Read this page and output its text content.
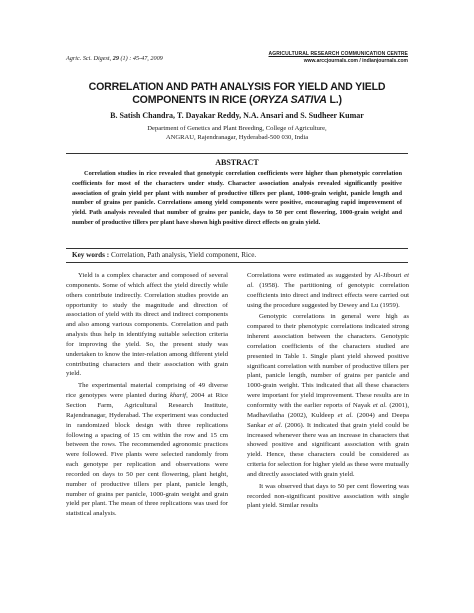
Agric. Sci. Digest, 29 (1) : 45-47, 2009
AGRICULTURAL RESEARCH COMMUNICATION CENTRE
www.arccjournals.com / indianjournals.com
CORRELATION AND PATH ANALYSIS FOR YIELD AND YIELD
COMPONENTS IN RICE (ORYZA SATIVA L.)
B. Satish Chandra, T. Dayakar Reddy, N.A. Ansari and S. Sudheer Kumar
Department of Genetics and Plant Breeding, College of Agriculture,
ANGRAU, Rajendranagar, Hyderabad-500 030, India
ABSTRACT
Correlation studies in rice revealed that genotypic correlation coefficients were higher than phenotypic correlation coefficients for most of the characters under study. Character association analysis revealed significantly positive association of grain yield per plant with number of productive tillers per plant, 1000-grain weight, panicle length and number of grains per panicle. Correlations among yield components were positive, encouraging rapid improvement of yield. Path analysis revealed that number of grains per panicle, days to 50 per cent flowering, 1000-grain weight and number of productive tillers per plant have shown high positive direct effects on grain yield.
Key words : Correlation, Path analysis, Yield component, Rice.

Yield is a complex character and composed of several components. Some of which affect the yield directly while others contribute indirectly. Correlation studies provide an opportunity to study the magnitude and direction of association of yield with its direct and indirect components and also among various components. Correlation and path analysis thus help in identifying suitable selection criteria for improving the yield. So, the present study was undertaken to know the inter-relation among different yield contributing characters and their association with grain yield.

The experimental material comprising of 49 diverse rice genotypes were planted during kharif, 2004 at Rice Section Farm, Agricultural Research Institute, Rajendranagar, Hyderabad. The experiment was conducted in randomized block design with three replications following a spacing of 15 cm within the row and 15 cm between the rows. The recommended agronomic practices were followed. Five plants were selected randomly from each genotype per replication and observations were recorded on days to 50 per cent flowering, plant height, number of productive tillers per plant, panicle length, number of grains per panicle, 1000-grain weight and grain yield per plant. The mean of three replications was used for statistical analysis.

Correlations were estimated as suggested by Al-Jibouri et al. (1958). The partitioning of genotypic correlation coefficients into direct and indirect effects were carried out using the procedure suggested by Dewey and Lu (1959).

Genotypic correlations in general were high as compared to their phenotypic correlations indicated strong inherent association between the characters. Genotypic correlation coefficients of the characters studied are presented in Table 1. Single plant yield showed positive significant correlation with number of productive tillers per plant, panicle length, number of grains per panicle and 1000-grain weight. This indicated that all these characters were important for yield improvement. These results are in conformity with the earlier reports of Nayak et al. (2001), Madhavilatha (2002), Kuldeep et al. (2004) and Deepa Sankar et al. (2006). It indicated that grain yield could be increased whenever there was an increase in characters that showed positive and significant association with grain yield. Hence, these characters could be considered as criteria for selection for higher yield as these were mutually and directly associated with grain yield.

It was observed that days to 50 per cent flowering was recorded non-significant positive association with single plant yield. Similar results
